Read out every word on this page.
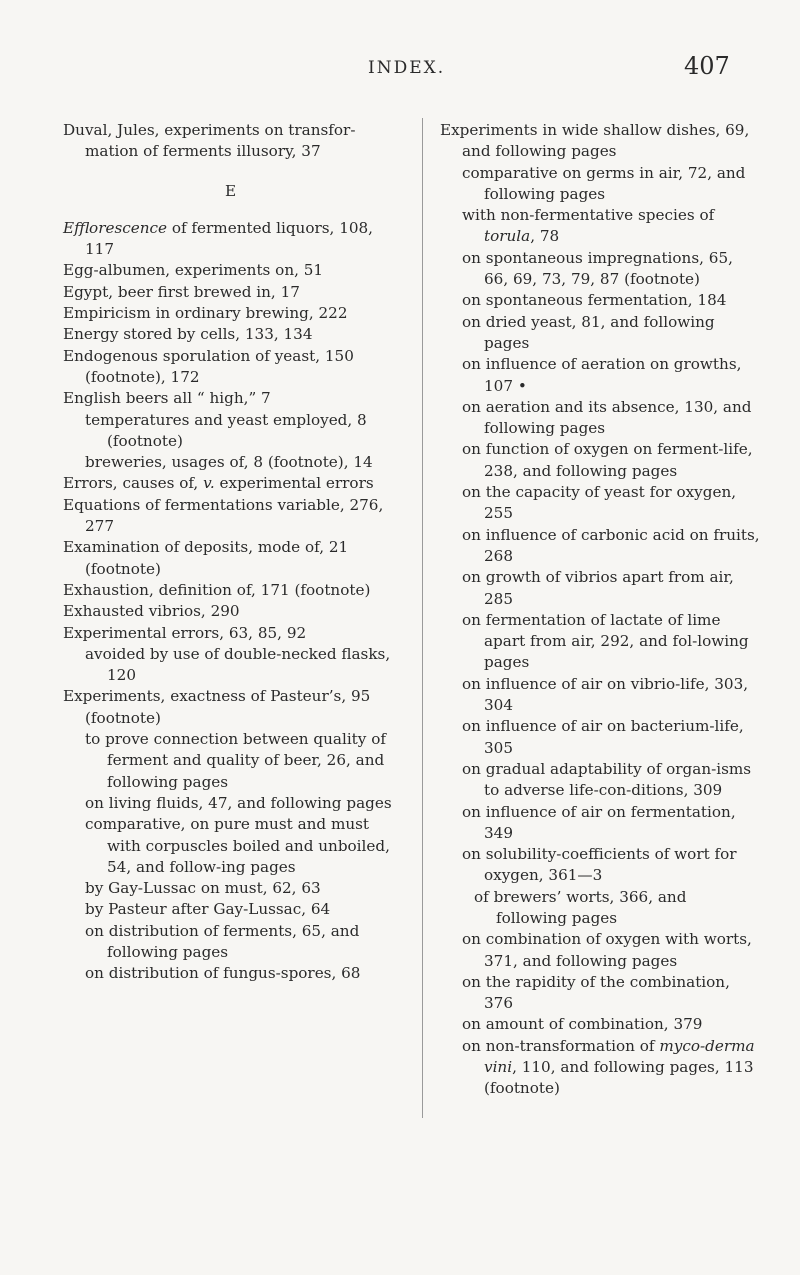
INDEX.	407
Duval, Jules, experiments on transfor-mation of ferments illusory, 37
E
Efflorescence of fermented liquors, 108, 117
Egg-albumen, experiments on, 51
Egypt, beer first brewed in, 17
Empiricism in ordinary brewing, 222
Energy stored by cells, 133, 134
Endogenous sporulation of yeast, 150 (footnote), 172
English beers all “ high,” 7
temperatures and yeast employed, 8 (footnote)
breweries, usages of, 8 (footnote), 14
Errors, causes of, v. experimental errors
Equations of fermentations variable, 276, 277
Examination of deposits, mode of, 21 (footnote)
Exhaustion, definition of, 171 (footnote)
Exhausted vibrios, 290
Experimental errors, 63, 85, 92
avoided by use of double-necked flasks, 120
Experiments, exactness of Pasteur’s, 95 (footnote)
to prove connection between quality of ferment and quality of beer, 26, and following pages
on living fluids, 47, and following pages
comparative, on pure must and must with corpuscles boiled and unboiled, 54, and follow-ing pages
by Gay-Lussac on must, 62, 63
by Pasteur after Gay-Lussac, 64
on distribution of ferments, 65, and following pages
on distribution of fungus-spores, 68
Experiments in wide shallow dishes, 69, and following pages
comparative on germs in air, 72, and following pages
with non-fermentative species of torula, 78
on spontaneous impregnations, 65, 66, 69, 73, 79, 87 (footnote)
on spontaneous fermentation, 184
on dried yeast, 81, and following pages
on influence of aeration on growths, 107 •
on aeration and its absence, 130, and following pages
on function of oxygen on ferment-life, 238, and following pages
on the capacity of yeast for oxygen, 255
on influence of carbonic acid on fruits, 268
on growth of vibrios apart from air, 285
on fermentation of lactate of lime apart from air, 292, and fol-lowing pages
on influence of air on vibrio-life, 303, 304
on influence of air on bacterium-life, 305
on gradual adaptability of organ-isms to adverse life-con-ditions, 309
on influence of air on fermentation, 349
on solubility-coefficients of wort for oxygen, 361—3
of brewers’ worts, 366, and following pages
on combination of oxygen with worts, 371, and following pages
on the rapidity of the combination, 376
on amount of combination, 379
on non-transformation of myco-derma vini, 110, and following pages, 113 (footnote)
